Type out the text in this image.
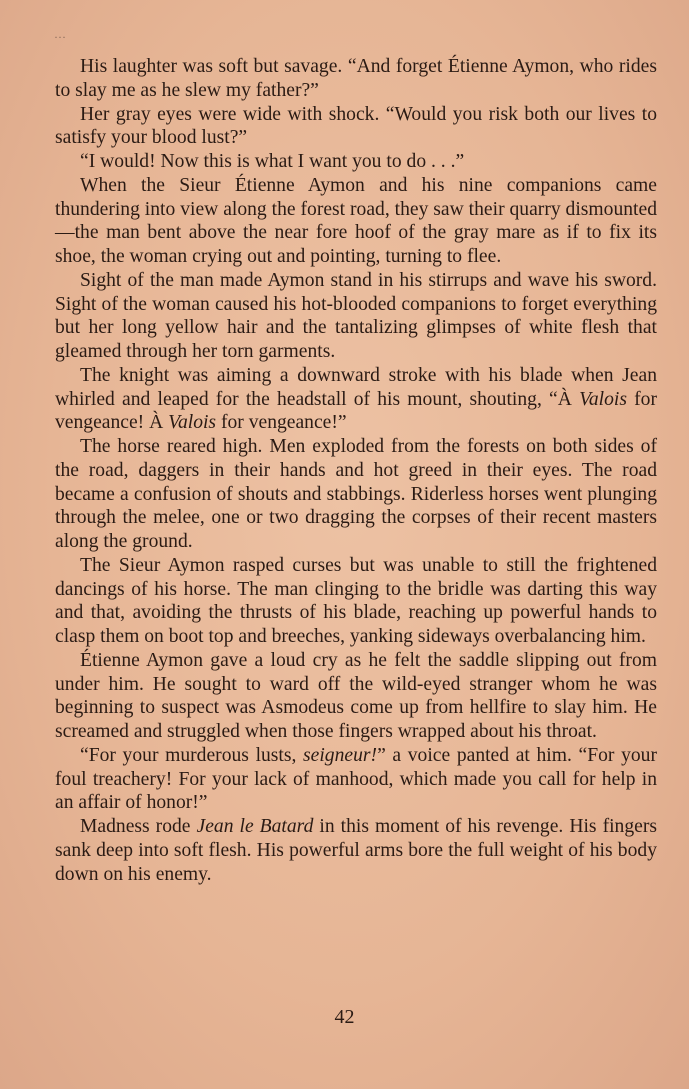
···

His laughter was soft but savage. “And forget Étienne Aymon, who rides to slay me as he slew my father?”

Her gray eyes were wide with shock. “Would you risk both our lives to satisfy your blood lust?”

“I would! Now this is what I want you to do . . .”

When the Sieur Étienne Aymon and his nine companions came thundering into view along the forest road, they saw their quarry dismounted—the man bent above the near fore hoof of the gray mare as if to fix its shoe, the woman crying out and pointing, turning to flee.

Sight of the man made Aymon stand in his stirrups and wave his sword. Sight of the woman caused his hot-blooded companions to forget everything but her long yellow hair and the tantalizing glimpses of white flesh that gleamed through her torn garments.

The knight was aiming a downward stroke with his blade when Jean whirled and leaped for the headstall of his mount, shouting, “À Valois for vengeance! À Valois for vengeance!”

The horse reared high. Men exploded from the forests on both sides of the road, daggers in their hands and hot greed in their eyes. The road became a confusion of shouts and stabbings. Riderless horses went plunging through the melee, one or two dragging the corpses of their recent masters along the ground.

The Sieur Aymon rasped curses but was unable to still the frightened dancings of his horse. The man clinging to the bridle was darting this way and that, avoiding the thrusts of his blade, reaching up powerful hands to clasp them on boot top and breeches, yanking sideways overbalancing him.

Étienne Aymon gave a loud cry as he felt the saddle slipping out from under him. He sought to ward off the wild-eyed stranger whom he was beginning to suspect was Asmodeus come up from hellfire to slay him. He screamed and struggled when those fingers wrapped about his throat.

“For your murderous lusts, seigneur!” a voice panted at him. “For your foul treachery! For your lack of manhood, which made you call for help in an affair of honor!”

Madness rode Jean le Batard in this moment of his revenge. His fingers sank deep into soft flesh. His powerful arms bore the full weight of his body down on his enemy.

42
